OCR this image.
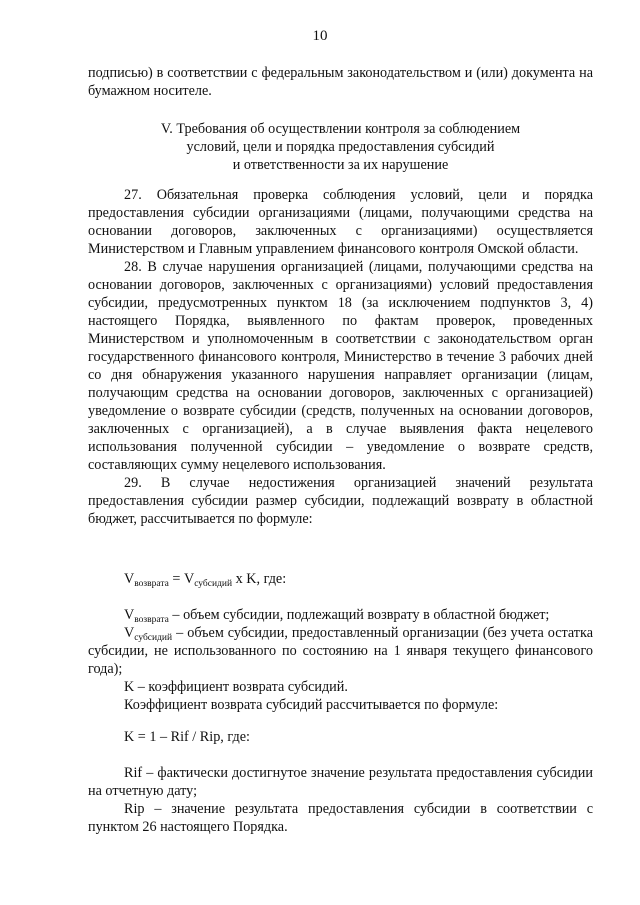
10

подписью) в соответствии с федеральным законодательством и (или) документа на бумажном носителе.

V. Требования об осуществлении контроля за соблюдением
условий, цели и порядка предоставления субсидий
и ответственности за их нарушение

27. Обязательная проверка соблюдения условий, цели и порядка предоставления субсидии организациями (лицами, получающими средства на основании договоров, заключенных с организациями) осуществляется Министерством и Главным управлением финансового контроля Омской области.

28. В случае нарушения организацией (лицами, получающими средства на основании договоров, заключенных с организациями) условий предоставления субсидии, предусмотренных пунктом 18 (за исключением подпунктов 3, 4) настоящего Порядка, выявленного по фактам проверок, проведенных Министерством и уполномоченным в соответствии с законодательством орган государственного финансового контроля, Министерство в течение 3 рабочих дней со дня обнаружения указанного нарушения направляет организации (лицам, получающим средства на основании договоров, заключенных с организацией) уведомление о возврате субсидии (средств, полученных на основании договоров, заключенных с организацией), а в случае выявления факта нецелевого использования полученной субсидии – уведомление о возврате средств, составляющих сумму нецелевого использования.

29. В случае недостижения организацией значений результата предоставления субсидии размер субсидии, подлежащий возврату в областной бюджет, рассчитывается по формуле:

$V_{возврата} = V_{субсидий}$ x K, где:

$V_{возврата}$ – объем субсидии, подлежащий возврату в областной бюджет;

$V_{субсидий}$ – объем субсидии, предоставленный организации (без учета остатка субсидии, не использованного по состоянию на 1 января текущего финансового года);

K – коэффициент возврата субсидий.

Коэффициент возврата субсидий рассчитывается по формуле:

K = 1 – Rif / Rip, где:

Rif – фактически достигнутое значение результата предоставления субсидии на отчетную дату;

Rip – значение результата предоставления субсидии в соответствии с пунктом 26 настоящего Порядка.
